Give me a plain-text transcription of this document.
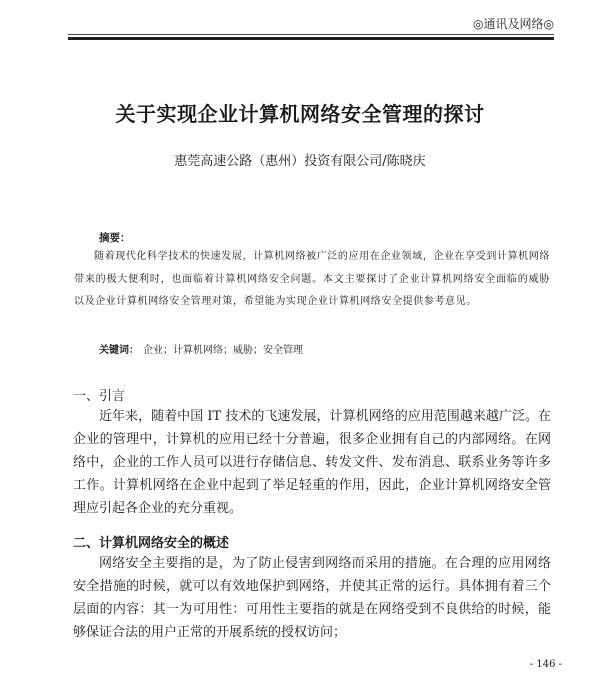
◎通讯及网络◎
关于实现企业计算机网络安全管理的探讨
惠莞高速公路（惠州）投资有限公司/陈晓庆
摘要：
随着现代化科学技术的快速发展，计算机网络被广泛的应用在企业领域，企业在享受到计算机网络带来的极大便利时，也面临着计算机网络安全问题。本文主要探讨了企业计算机网络安全面临的威胁以及企业计算机网络安全管理对策，希望能为实现企业计算机网络安全提供参考意见。
关键词： 企业；计算机网络；威胁；安全管理
一、引言
近年来，随着中国 IT 技术的飞速发展，计算机网络的应用范围越来越广泛。在企业的管理中，计算机的应用已经十分普遍，很多企业拥有自己的内部网络。在网络中，企业的工作人员可以进行存储信息、转发文件、发布消息、联系业务等许多工作。计算机网络在企业中起到了举足轻重的作用，因此，企业计算机网络安全管理应引起各企业的充分重视。
二、计算机网络安全的概述
网络安全主要指的是，为了防止侵害到网络而采用的措施。在合理的应用网络安全措施的时候，就可以有效地保护到网络，并使其正常的运行。具体拥有着三个层面的内容：其一为可用性：可用性主要指的就是在网络受到不良供给的时候，能够保证合法的用户正常的开展系统的授权访问；
- 146 -
